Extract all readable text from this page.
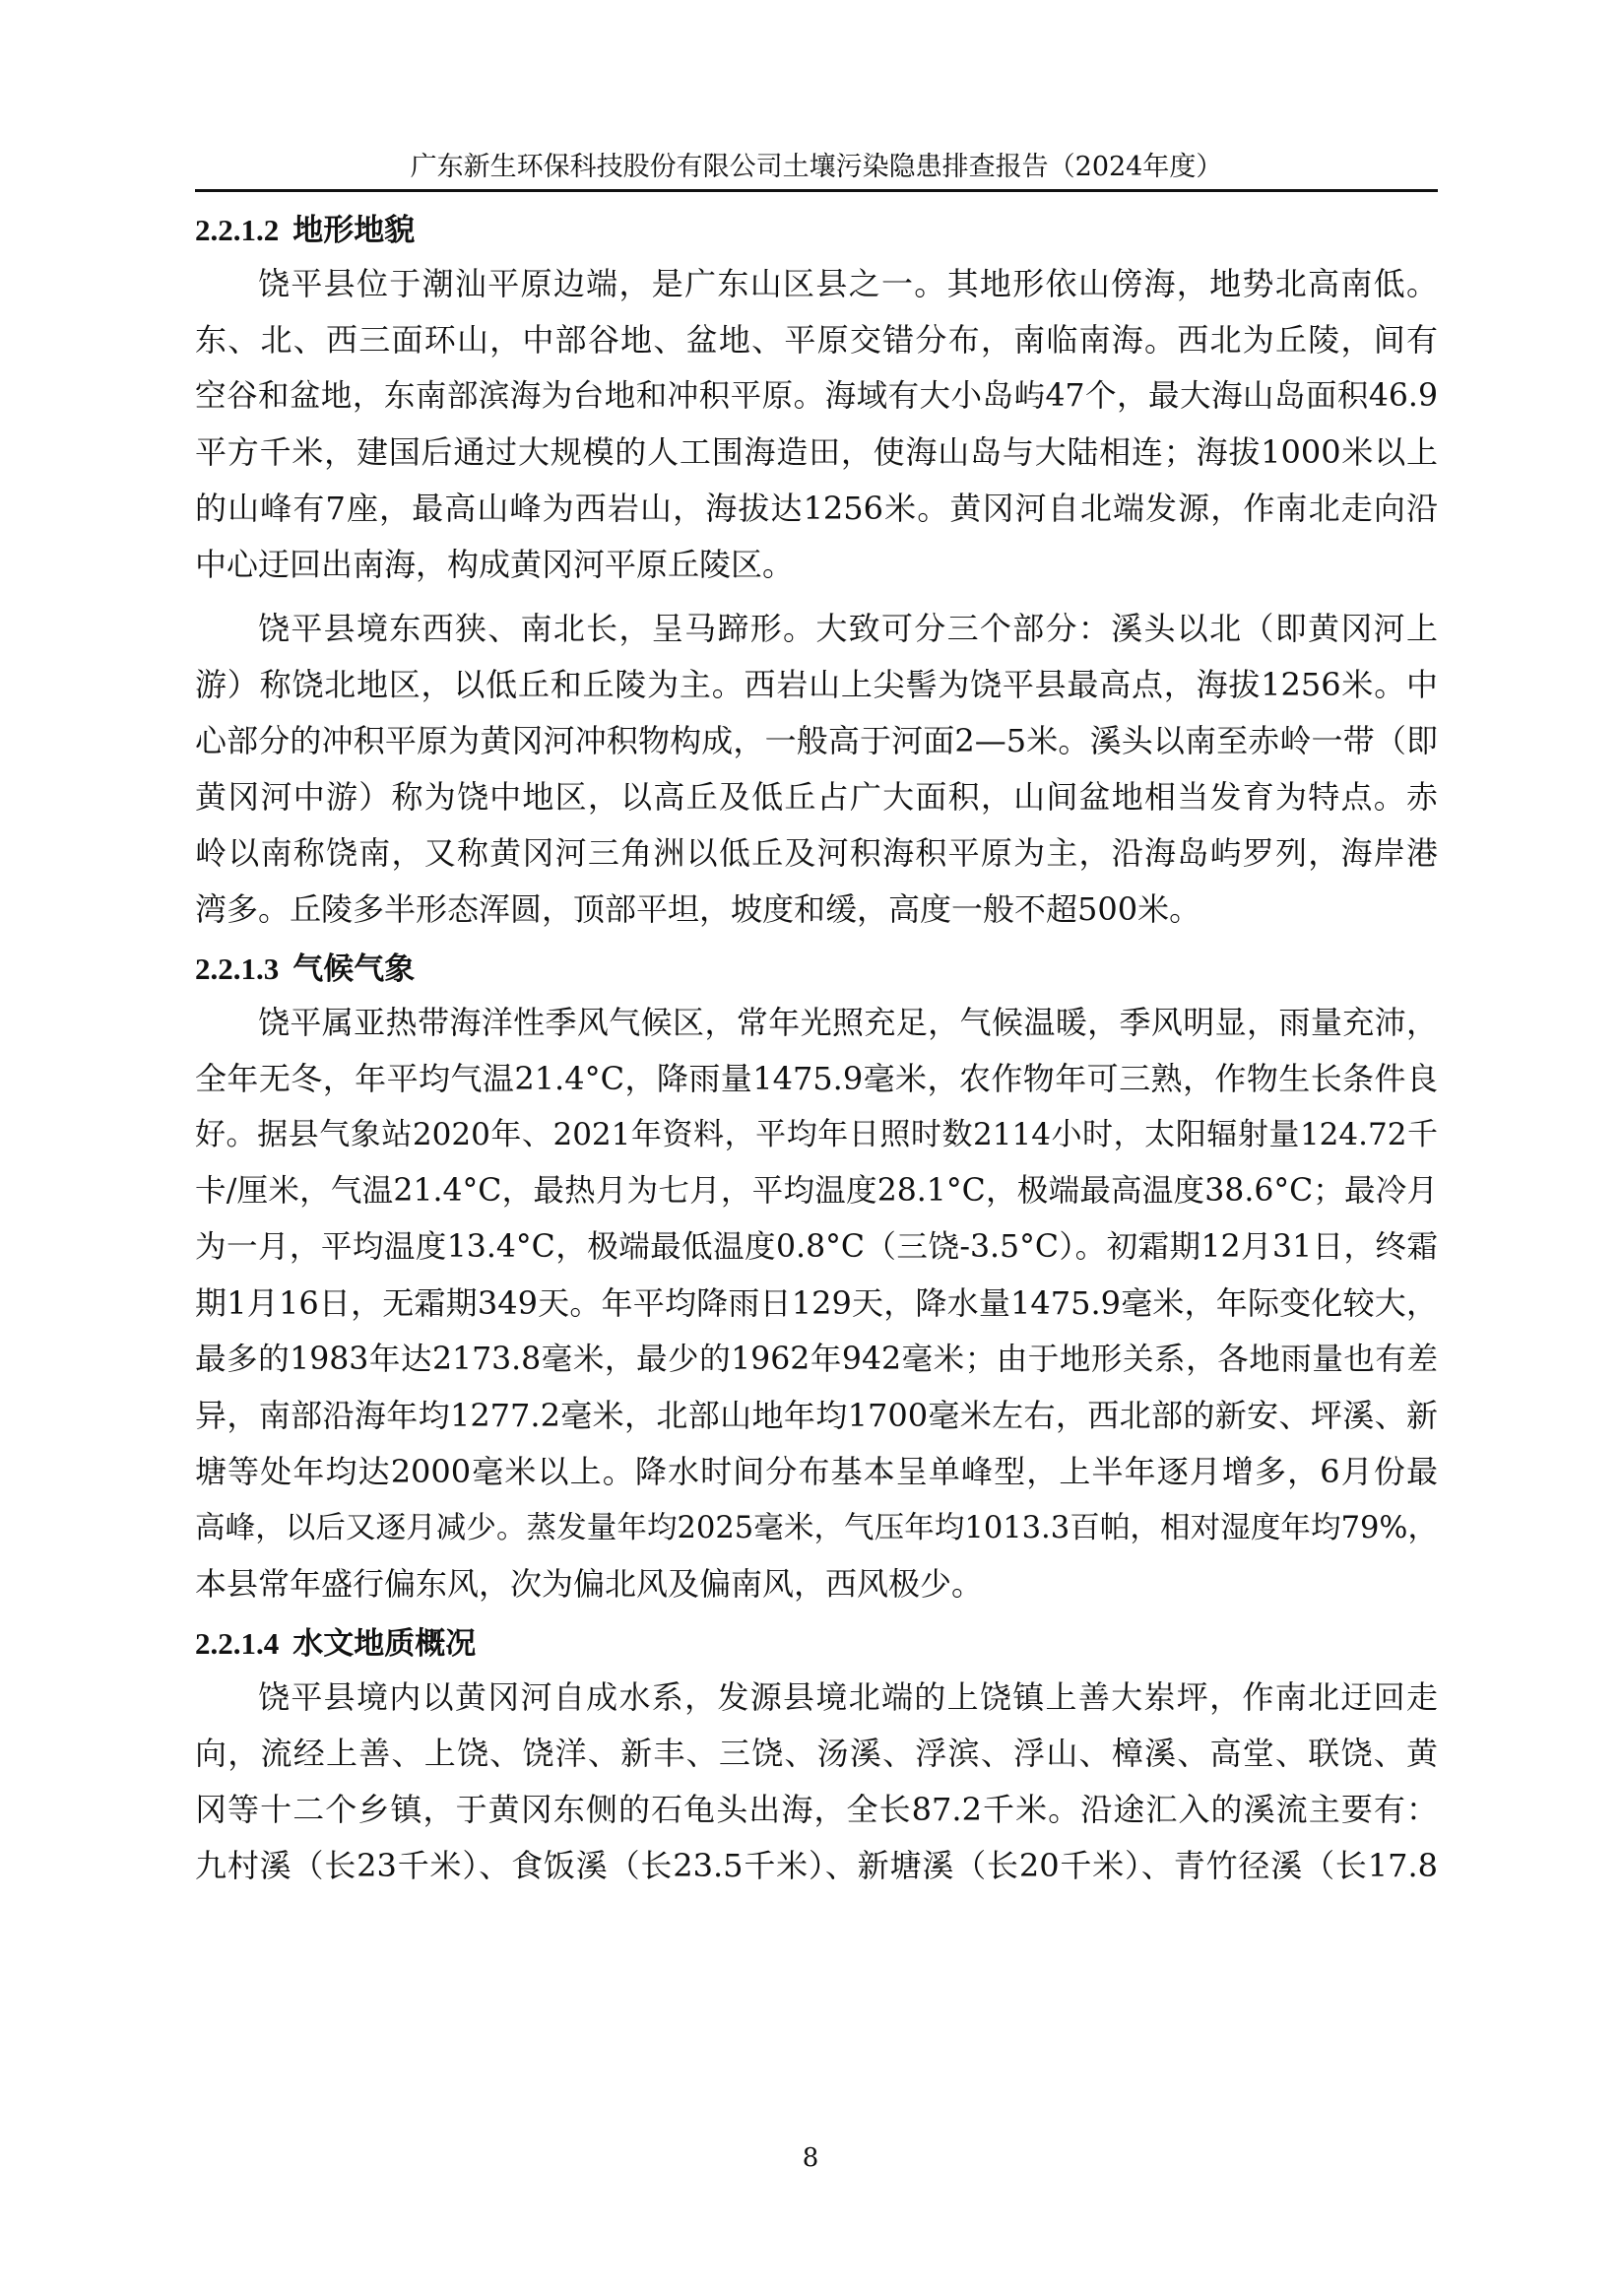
广东新生环保科技股份有限公司土壤污染隐患排查报告（2024年度）
2.2.1.2 地形地貌
饶平县位于潮汕平原边端，是广东山区县之一。其地形依山傍海，地势北高南低。
东、北、西三面环山，中部谷地、盆地、平原交错分布，南临南海。西北为丘陵，间有
空谷和盆地，东南部滨海为台地和冲积平原。海域有大小岛屿47个，最大海山岛面积46.9
平方千米，建国后通过大规模的人工围海造田，使海山岛与大陆相连；海拔1000米以上
的山峰有7座，最高山峰为西岩山，海拔达1256米。黄冈河自北端发源，作南北走向沿
中心迂回出南海，构成黄冈河平原丘陵区。
饶平县境东西狭、南北长，呈马蹄形。大致可分三个部分：溪头以北（即黄冈河上
游）称饶北地区，以低丘和丘陵为主。西岩山上尖髻为饶平县最高点，海拔1256米。中
心部分的冲积平原为黄冈河冲积物构成，一般高于河面2—5米。溪头以南至赤岭一带（即
黄冈河中游）称为饶中地区，以高丘及低丘占广大面积，山间盆地相当发育为特点。赤
岭以南称饶南，又称黄冈河三角洲以低丘及河积海积平原为主，沿海岛屿罗列，海岸港
湾多。丘陵多半形态浑圆，顶部平坦，坡度和缓，高度一般不超500米。
2.2.1.3 气候气象
饶平属亚热带海洋性季风气候区，常年光照充足，气候温暖，季风明显，雨量充沛，
全年无冬，年平均气温21.4°C，降雨量1475.9毫米，农作物年可三熟，作物生长条件良
好。据县气象站2020年、2021年资料，平均年日照时数2114小时，太阳辐射量124.72千
卡/厘米，气温21.4°C，最热月为七月，平均温度28.1°C，极端最高温度38.6°C；最冷月
为一月，平均温度13.4°C，极端最低温度0.8°C（三饶-3.5°C）。初霜期12月31日，终霜
期1月16日，无霜期349天。年平均降雨日129天，降水量1475.9毫米，年际变化较大，
最多的1983年达2173.8毫米，最少的1962年942毫米；由于地形关系，各地雨量也有差
异，南部沿海年均1277.2毫米，北部山地年均1700毫米左右，西北部的新安、坪溪、新
塘等处年均达2000毫米以上。降水时间分布基本呈单峰型，上半年逐月增多，6月份最
高峰，以后又逐月减少。蒸发量年均2025毫米，气压年均1013.3百帕，相对湿度年均79%，
本县常年盛行偏东风，次为偏北风及偏南风，西风极少。
2.2.1.4 水文地质概况
饶平县境内以黄冈河自成水系，发源县境北端的上饶镇上善大岽坪，作南北迂回走
向，流经上善、上饶、饶洋、新丰、三饶、汤溪、浮滨、浮山、樟溪、高堂、联饶、黄
冈等十二个乡镇，于黄冈东侧的石龟头出海，全长87.2千米。沿途汇入的溪流主要有：
九村溪（长23千米）、食饭溪（长23.5千米）、新塘溪（长20千米）、青竹径溪（长17.8
8
